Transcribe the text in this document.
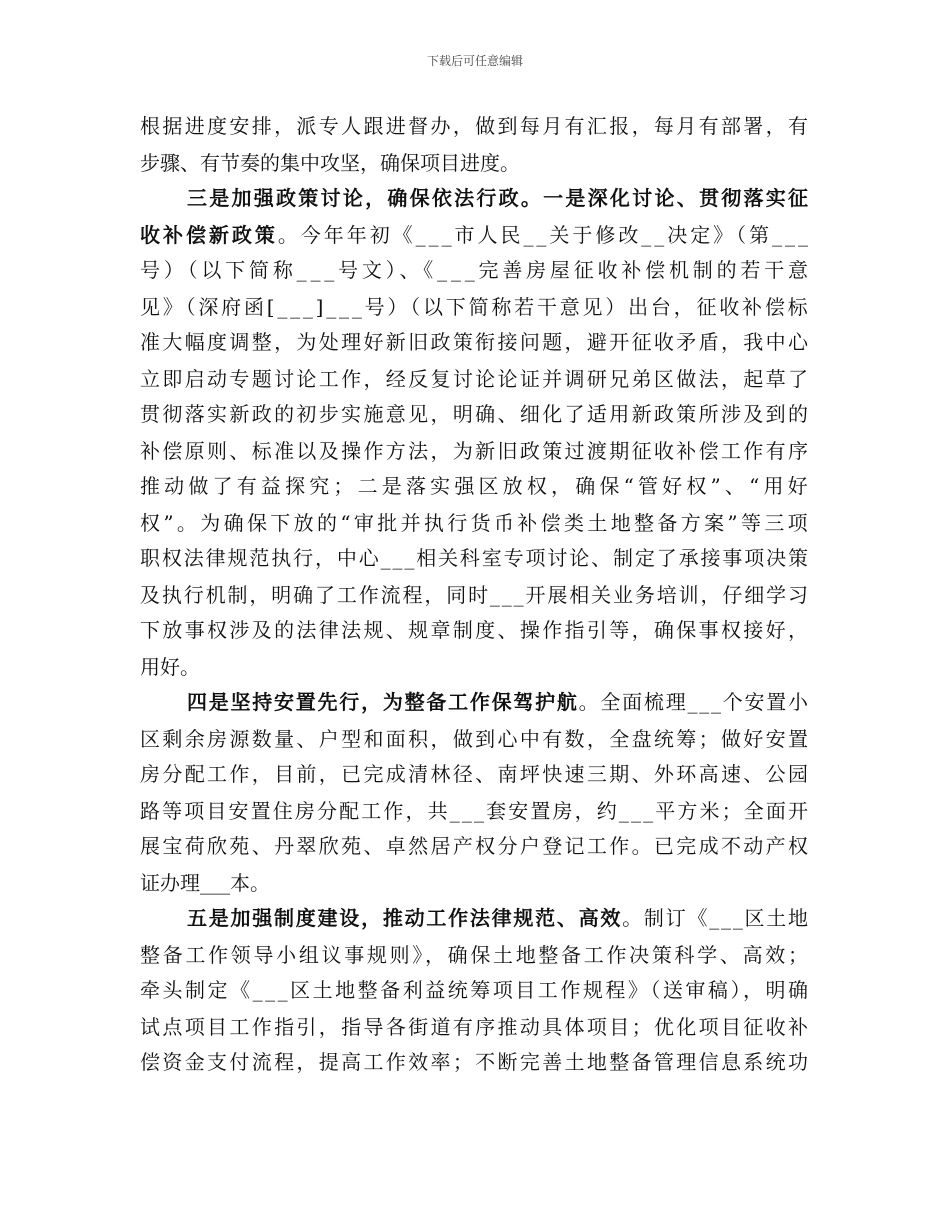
下载后可任意编辑
根据进度安排，派专人跟进督办，做到每月有汇报，每月有部署，有
步骤、有节奏的集中攻坚，确保项目进度。
三是加强政策讨论，确保依法行政。一是深化讨论、贯彻落实征
收补偿新政策。今年年初《___市人民__关于修改__决定》（第___
号）（以下简称___号文）、《___完善房屋征收补偿机制的若干意
见》（深府函[___]___号）（以下简称若干意见）出台，征收补偿标
准大幅度调整，为处理好新旧政策衔接问题，避开征收矛盾，我中心
立即启动专题讨论工作，经反复讨论论证并调研兄弟区做法，起草了
贯彻落实新政的初步实施意见，明确、细化了适用新政策所涉及到的
补偿原则、标准以及操作方法，为新旧政策过渡期征收补偿工作有序
推动做了有益探究；二是落实强区放权，确保“管好权”、“用好
权”。为确保下放的“审批并执行货币补偿类土地整备方案”等三项
职权法律规范执行，中心___相关科室专项讨论、制定了承接事项决策
及执行机制，明确了工作流程，同时___开展相关业务培训，仔细学习
下放事权涉及的法律法规、规章制度、操作指引等，确保事权接好，
用好。
四是坚持安置先行，为整备工作保驾护航。全面梳理___个安置小
区剩余房源数量、户型和面积，做到心中有数，全盘统筹；做好安置
房分配工作，目前，已完成清林径、南坪快速三期、外环高速、公园
路等项目安置住房分配工作，共___套安置房，约___平方米；全面开
展宝荷欣苑、丹翠欣苑、卓然居产权分户登记工作。已完成不动产权
证办理___本。
五是加强制度建设，推动工作法律规范、高效。制订《___区土地
整备工作领导小组议事规则》，确保土地整备工作决策科学、高效；
牵头制定《___区土地整备利益统筹项目工作规程》（送审稿），明确
试点项目工作指引，指导各街道有序推动具体项目；优化项目征收补
偿资金支付流程，提高工作效率；不断完善土地整备管理信息系统功
